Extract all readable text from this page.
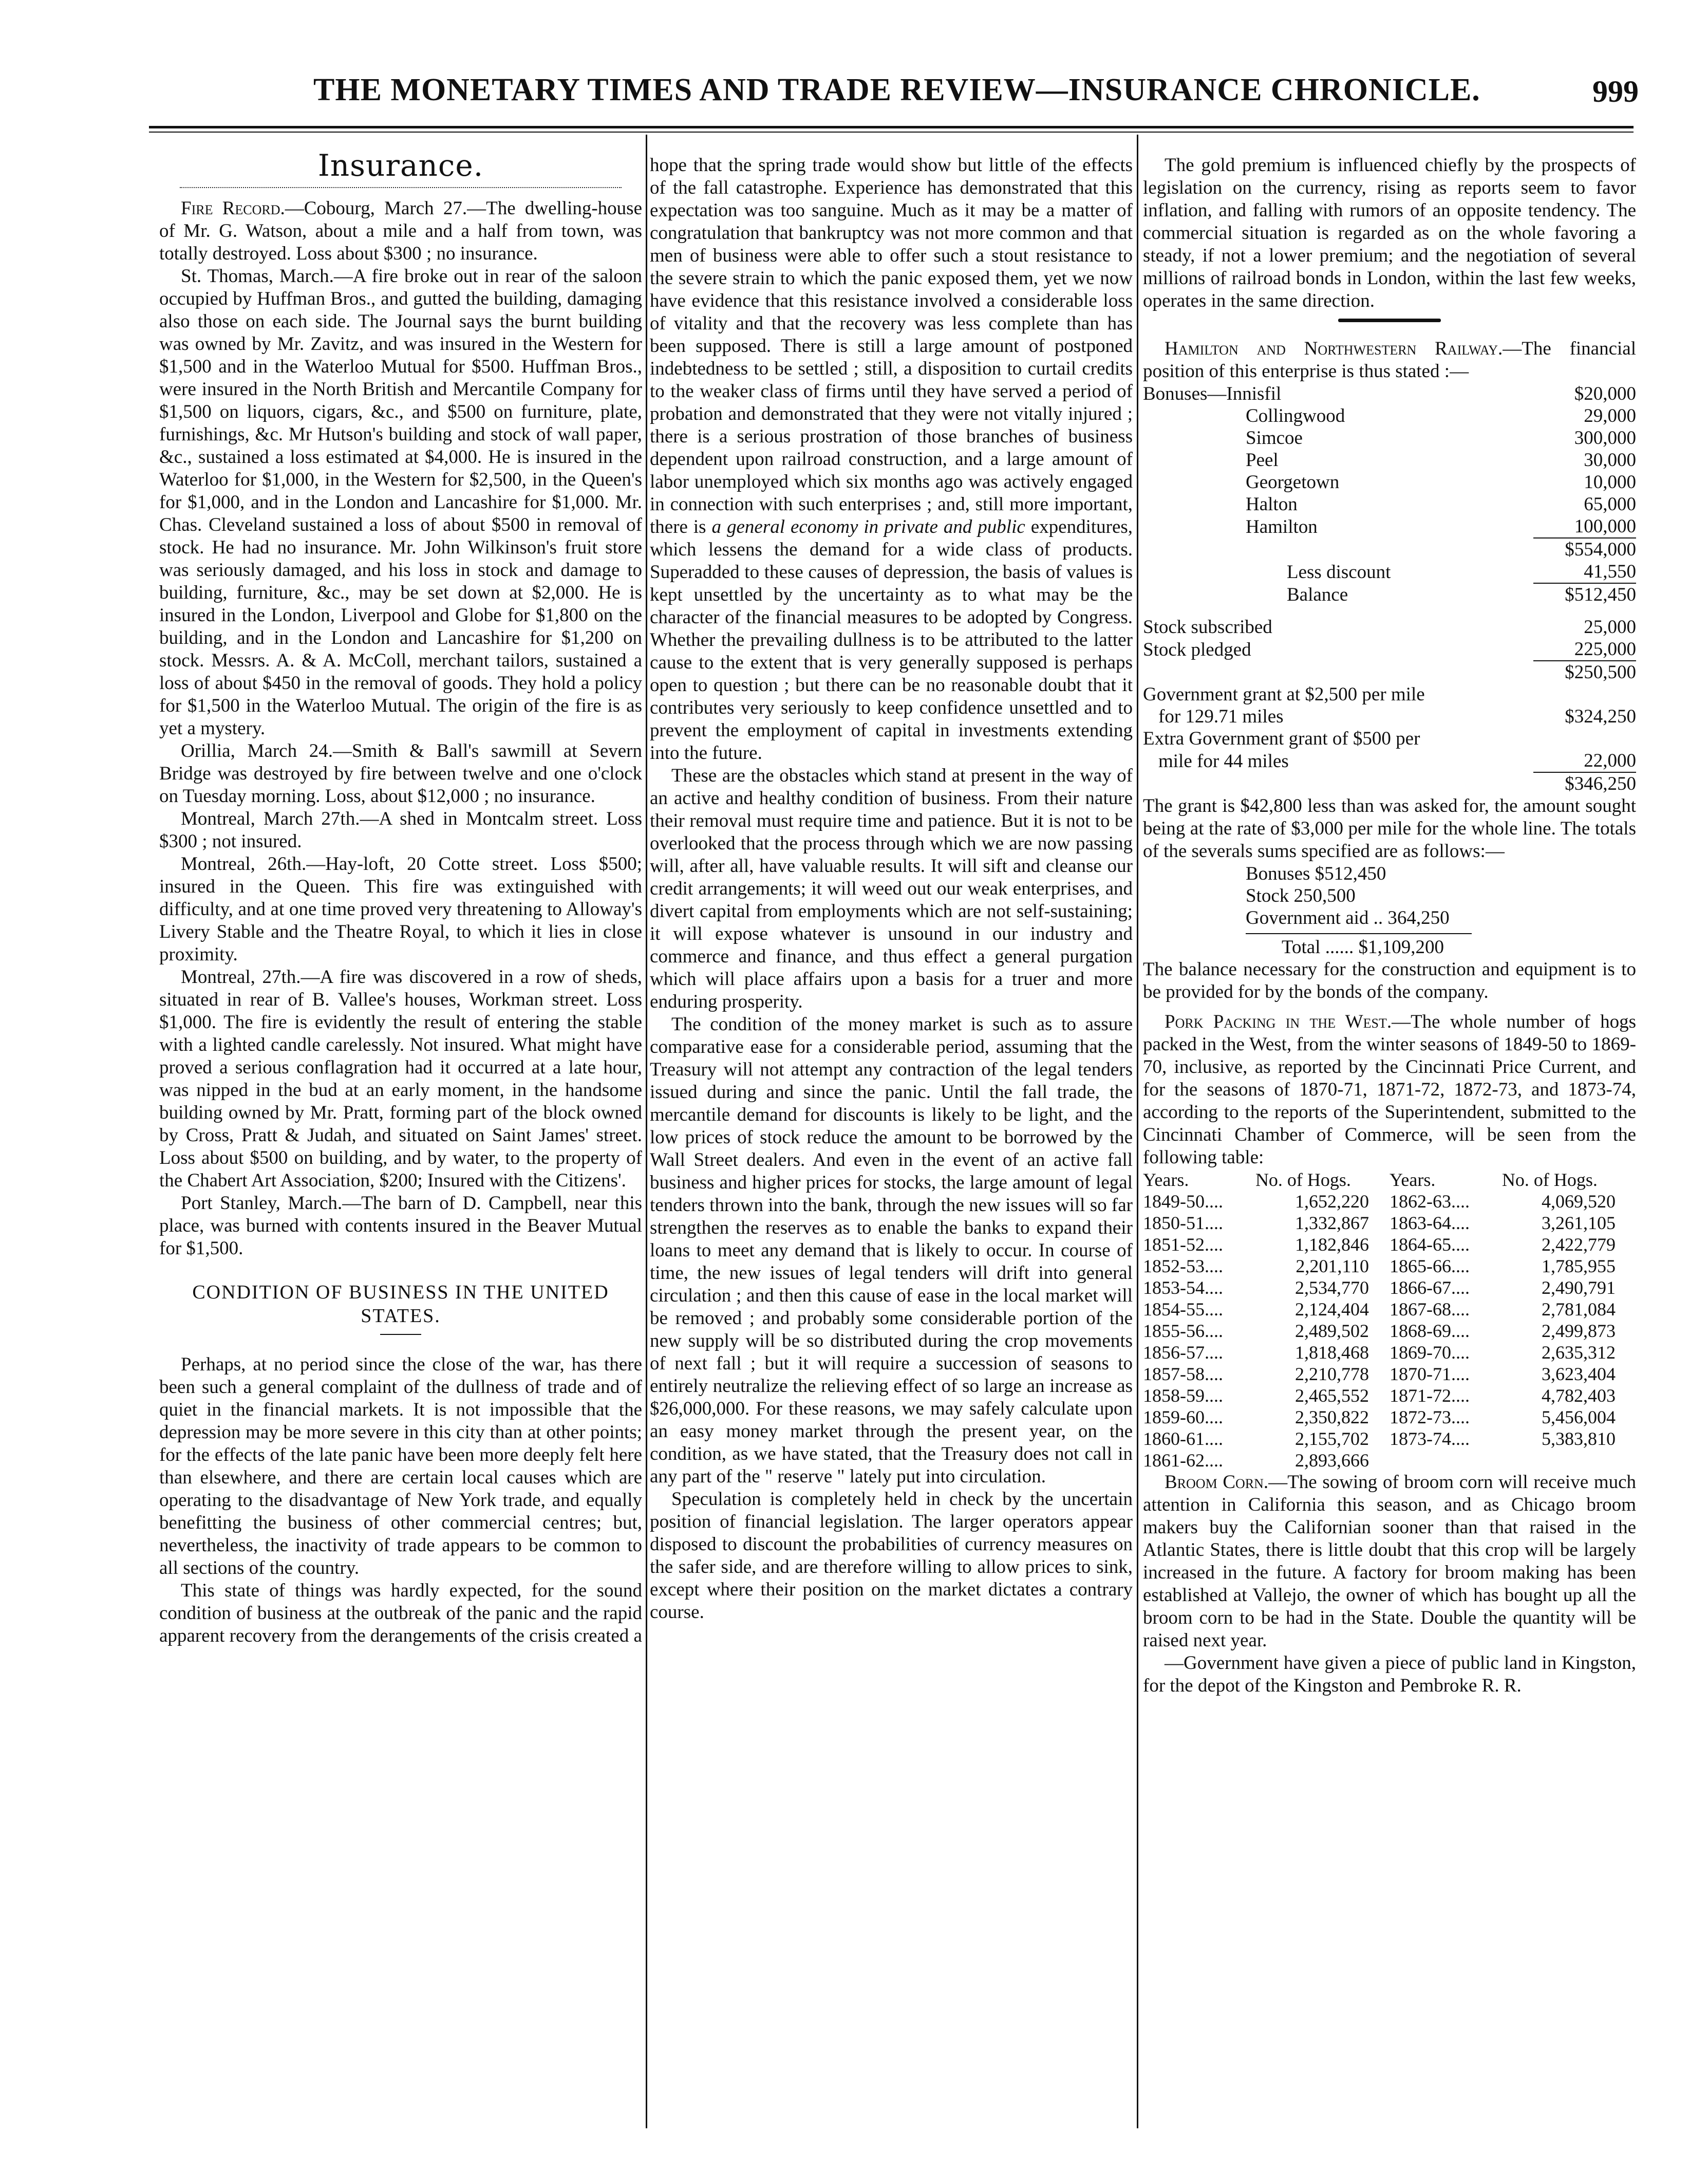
THE MONETARY TIMES AND TRADE REVIEW—INSURANCE CHRONICLE.	999
Insurance.

Fire Record.—Cobourg, March 27.—The dwelling-house of Mr. G. Watson, about a mile and a half from town, was totally destroyed. Loss about $300 ; no insurance.

St. Thomas, March.—A fire broke out in rear of the saloon occupied by Huffman Bros., and gutted the building, damaging also those on each side. The Journal says the burnt building was owned by Mr. Zavitz, and was insured in the Western for $1,500 and in the Waterloo Mutual for $500. Huffman Bros., were insured in the North British and Mercantile Company for $1,500 on liquors, cigars, &c., and $500 on furniture, plate, furnishings, &c. Mr Hutson's building and stock of wall paper, &c., sustained a loss estimated at $4,000. He is insured in the Waterloo for $1,000, in the Western for $2,500, in the Queen's for $1,000, and in the London and Lancashire for $1,000. Mr. Chas. Cleveland sustained a loss of about $500 in removal of stock. He had no insurance. Mr. John Wilkinson's fruit store was seriously damaged, and his loss in stock and damage to building, furniture, &c., may be set down at $2,000. He is insured in the London, Liverpool and Globe for $1,800 on the building, and in the London and Lancashire for $1,200 on stock. Messrs. A. & A. McColl, merchant tailors, sustained a loss of about $450 in the removal of goods. They hold a policy for $1,500 in the Waterloo Mutual. The origin of the fire is as yet a mystery.

Orillia, March 24.—Smith & Ball's sawmill at Severn Bridge was destroyed by fire between twelve and one o'clock on Tuesday morning. Loss, about $12,000 ; no insurance.

Montreal, March 27th.—A shed in Montcalm street. Loss $300 ; not insured.

Montreal, 26th.—Hay-loft, 20 Cotte street. Loss $500; insured in the Queen. This fire was extinguished with difficulty, and at one time proved very threatening to Alloway's Livery Stable and the Theatre Royal, to which it lies in close proximity.

Montreal, 27th.—A fire was discovered in a row of sheds, situated in rear of B. Vallee's houses, Workman street. Loss $1,000. The fire is evidently the result of entering the stable with a lighted candle carelessly. Not insured. What might have proved a serious conflagration had it occurred at a late hour, was nipped in the bud at an early moment, in the handsome building owned by Mr. Pratt, forming part of the block owned by Cross, Pratt & Judah, and situated on Saint James' street. Loss about $500 on building, and by water, to the property of the Chabert Art Association, $200; Insured with the Citizens'.

Port Stanley, March.—The barn of D. Campbell, near this place, was burned with contents insured in the Beaver Mutual for $1,500.

CONDITION OF BUSINESS IN THE UNITED STATES.

Perhaps, at no period since the close of the war, has there been such a general complaint of the dullness of trade and of quiet in the financial markets. It is not impossible that the depression may be more severe in this city than at other points; for the effects of the late panic have been more deeply felt here than elsewhere, and there are certain local causes which are operating to the disadvantage of New York trade, and equally benefitting the business of other commercial centres; but, nevertheless, the inactivity of trade appears to be common to all sections of the country.

This state of things was hardly expected, for the sound condition of business at the outbreak of the panic and the rapid apparent recovery from the derangements of the crisis created a

hope that the spring trade would show but little of the effects of the fall catastrophe. Experience has demonstrated that this expectation was too sanguine. Much as it may be a matter of congratulation that bankruptcy was not more common and that men of business were able to offer such a stout resistance to the severe strain to which the panic exposed them, yet we now have evidence that this resistance involved a considerable loss of vitality and that the recovery was less complete than has been supposed. There is still a large amount of postponed indebtedness to be settled ; still, a disposition to curtail credits to the weaker class of firms until they have served a period of probation and demonstrated that they were not vitally injured ; there is a serious prostration of those branches of business dependent upon railroad construction, and a large amount of labor unemployed which six months ago was actively engaged in connection with such enterprises ; and, still more important, there is a general economy in private and public expenditures, which lessens the demand for a wide class of products. Superadded to these causes of depression, the basis of values is kept unsettled by the uncertainty as to what may be the character of the financial measures to be adopted by Congress. Whether the prevailing dullness is to be attributed to the latter cause to the extent that is very generally supposed is perhaps open to question ; but there can be no reasonable doubt that it contributes very seriously to keep confidence unsettled and to prevent the employment of capital in investments extending into the future.

These are the obstacles which stand at present in the way of an active and healthy condition of business. From their nature their removal must require time and patience. But it is not to be overlooked that the process through which we are now passing will, after all, have valuable results. It will sift and cleanse our credit arrangements; it will weed out our weak enterprises, and divert capital from employments which are not self-sustaining; it will expose whatever is unsound in our industry and commerce and finance, and thus effect a general purgation which will place affairs upon a basis for a truer and more enduring prosperity.

The condition of the money market is such as to assure comparative ease for a considerable period, assuming that the Treasury will not attempt any contraction of the legal tenders issued during and since the panic. Until the fall trade, the mercantile demand for discounts is likely to be light, and the low prices of stock reduce the amount to be borrowed by the Wall Street dealers. And even in the event of an active fall business and higher prices for stocks, the large amount of legal tenders thrown into the bank, through the new issues will so far strengthen the reserves as to enable the banks to expand their loans to meet any demand that is likely to occur. In course of time, the new issues of legal tenders will drift into general circulation ; and then this cause of ease in the local market will be removed ; and probably some considerable portion of the new supply will be so distributed during the crop movements of next fall ; but it will require a succession of seasons to entirely neutralize the relieving effect of so large an increase as $26,000,000. For these reasons, we may safely calculate upon an easy money market through the present year, on the condition, as we have stated, that the Treasury does not call in any part of the " reserve " lately put into circulation.

Speculation is completely held in check by the uncertain position of financial legislation. The larger operators appear disposed to discount the probabilities of currency measures on the safer side, and are therefore willing to allow prices to sink, except where their position on the market dictates a contrary course.

The gold premium is influenced chiefly by the prospects of legislation on the currency, rising as reports seem to favor inflation, and falling with rumors of an opposite tendency. The commercial situation is regarded as on the whole favoring a steady, if not a lower premium; and the negotiation of several millions of railroad bonds in London, within the last few weeks, operates in the same direction.

Hamilton and Northwestern Railway.—The financial position of this enterprise is thus stated :—

Bonuses—Innisfil	$20,000
Collingwood	29,000
Simcoe	300,000
Peel	30,000
Georgetown	10,000
Halton	65,000
Hamilton	100,000
	$554,000
Less discount	41,550
Balance	$512,450

Stock subscribed	25,000
Stock pledged	225,000
	$250,500
Government grant at $2,500 per mile	
for 129.71 miles	$324,250
Extra Government grant of $500 per	
mile for 44 miles	22,000
	$346,250

The grant is $42,800 less than was asked for, the amount sought being at the rate of $3,000 per mile for the whole line. The totals of the severals sums specified are as follows:—

Bonuses $512,450
Stock 250,500
Government aid .. 364,250
Total ...... $1,109,200

The balance necessary for the construction and equipment is to be provided for by the bonds of the company.

Pork Packing in the West.—The whole number of hogs packed in the West, from the winter seasons of 1849-50 to 1869-70, inclusive, as reported by the Cincinnati Price Current, and for the seasons of 1870-71, 1871-72, 1872-73, and 1873-74, according to the reports of the Superintendent, submitted to the Cincinnati Chamber of Commerce, will be seen from the following table:

Years.	No. of Hogs.	Years.	No. of Hogs.
1849-50....	1,652,220	1862-63....	4,069,520
1850-51....	1,332,867	1863-64....	3,261,105
1851-52....	1,182,846	1864-65....	2,422,779
1852-53....	2,201,110	1865-66....	1,785,955
1853-54....	2,534,770	1866-67....	2,490,791
1854-55....	2,124,404	1867-68....	2,781,084
1855-56....	2,489,502	1868-69....	2,499,873
1856-57....	1,818,468	1869-70....	2,635,312
1857-58....	2,210,778	1870-71....	3,623,404
1858-59....	2,465,552	1871-72....	4,782,403
1859-60....	2,350,822	1872-73....	5,456,004
1860-61....	2,155,702	1873-74....	5,383,810
1861-62....	2,893,666		

Broom Corn.—The sowing of broom corn will receive much attention in California this season, and as Chicago broom makers buy the Californian sooner than that raised in the Atlantic States, there is little doubt that this crop will be largely increased in the future. A factory for broom making has been established at Vallejo, the owner of which has bought up all the broom corn to be had in the State. Double the quantity will be raised next year.

—Government have given a piece of public land in Kingston, for the depot of the Kingston and Pembroke R. R.
